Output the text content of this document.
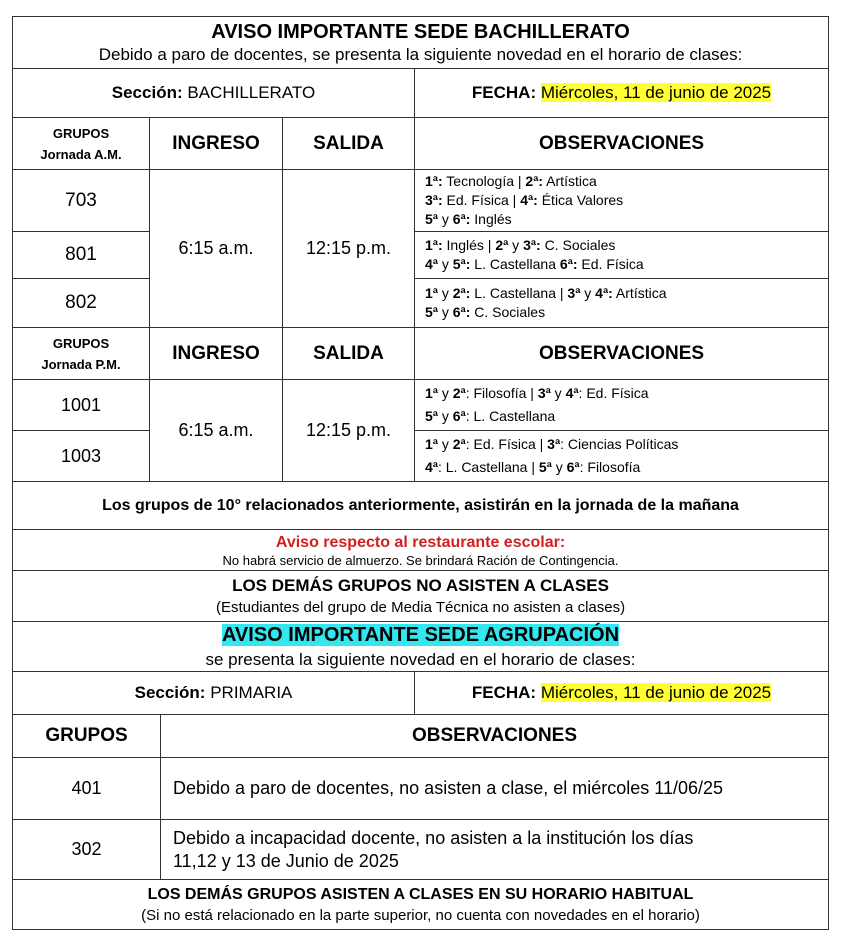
AVISO IMPORTANTE SEDE BACHILLERATO
Debido a paro de docentes, se presenta la siguiente novedad en el horario de clases:			

Sección: BACHILLERATO			FECHA: Miércoles, 11 de junio de 2025

GRUPOS
Jornada A.M.	INGRESO	SALIDA	OBSERVACIONES
703	6:15 a.m.	12:15 p.m.	1ª: Tecnología | 2ª: Artística
3ª: Ed. Física | 4ª: Ética Valores
5ª y 6ª: Inglés

801			1ª: Inglés | 2ª y 3ª: C. Sociales
4ª y 5ª: L. Castellana 6ª: Ed. Física

802			1ª y 2ª: L. Castellana | 3ª y 4ª: Artística
5ª y 6ª: C. Sociales

GRUPOS
Jornada P.M.	INGRESO	SALIDA	OBSERVACIONES
1001	6:15 a.m.	12:15 p.m.	1ª y 2ª: Filosofía | 3ª y 4ª: Ed. Física
5ª y 6ª: L. Castellana

1003			1ª y 2ª: Ed. Física | 3ª: Ciencias Políticas
4ª: L. Castellana | 5ª y 6ª: Filosofía

Los grupos de 10° relacionados anteriormente, asistirán en la jornada de la mañana			

Aviso respecto al restaurante escolar:
No habrá servicio de almuerzo. Se brindará Ración de Contingencia.			

LOS DEMÁS GRUPOS NO ASISTEN A CLASES
(Estudiantes del grupo de Media Técnica no asisten a clases)			
AVISO IMPORTANTE SEDE AGRUPACIÓN
se presenta la siguiente novedad en el horario de clases:		

Sección: PRIMARIA		FECHA: Miércoles, 11 de junio de 2025
GRUPOS	OBSERVACIONES	
401	Debido a paro de docentes, no asisten a clase, el miércoles 11/06/25	
302	Debido a incapacidad docente, no asisten a la institución los días
11,12 y 13 de Junio de 2025	

LOS DEMÁS GRUPOS ASISTEN A CLASES EN SU HORARIO HABITUAL
(Si no está relacionado en la parte superior, no cuenta con novedades en el horario)		
